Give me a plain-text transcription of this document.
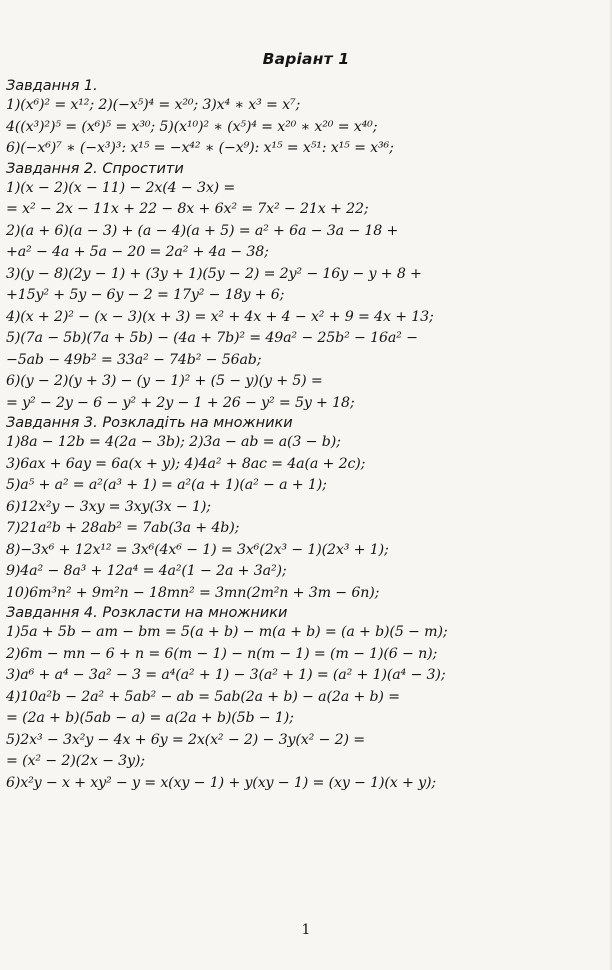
Варіант 1
Завдання 1.
1)(x⁶)² = x¹²; 2)(−x⁵)⁴ = x²⁰; 3)x⁴ ∗ x³ = x⁷;
4((x³)²)⁵ = (x⁶)⁵ = x³⁰; 5)(x¹⁰)² ∗ (x⁵)⁴ = x²⁰ ∗ x²⁰ = x⁴⁰;
6)(−x⁶)⁷ ∗ (−x³)³: x¹⁵ = −x⁴² ∗ (−x⁹): x¹⁵ = x⁵¹: x¹⁵ = x³⁶;
Завдання 2. Спростити
1)(x − 2)(x − 11) − 2x(4 − 3x) =
= x² − 2x − 11x + 22 − 8x + 6x² = 7x² − 21x + 22;
2)(a + 6)(a − 3) + (a − 4)(a + 5) = a² + 6a − 3a − 18 +
+a² − 4a + 5a − 20 = 2a² + 4a − 38;
3)(y − 8)(2y − 1) + (3y + 1)(5y − 2) = 2y² − 16y − y + 8 +
+15y² + 5y − 6y − 2 = 17y² − 18y + 6;
4)(x + 2)² − (x − 3)(x + 3) = x² + 4x + 4 − x² + 9 = 4x + 13;
5)(7a − 5b)(7a + 5b) − (4a + 7b)² = 49a² − 25b² − 16a² −
−5ab − 49b² = 33a² − 74b² − 56ab;
6)(y − 2)(y + 3) − (y − 1)² + (5 − y)(y + 5) =
= y² − 2y − 6 − y² + 2y − 1 + 26 − y² = 5y + 18;
Завдання 3. Розкладіть на множники
1)8a − 12b = 4(2a − 3b); 2)3a − ab = a(3 − b);
3)6ax + 6ay = 6a(x + y); 4)4a² + 8ac = 4a(a + 2c);
5)a⁵ + a² = a²(a³ + 1) = a²(a + 1)(a² − a + 1);
6)12x²y − 3xy = 3xy(3x − 1);
7)21a²b + 28ab² = 7ab(3a + 4b);
8)−3x⁶ + 12x¹² = 3x⁶(4x⁶ − 1) = 3x⁶(2x³ − 1)(2x³ + 1);
9)4a² − 8a³ + 12a⁴ = 4a²(1 − 2a + 3a²);
10)6m³n² + 9m²n − 18mn² = 3mn(2m²n + 3m − 6n);
Завдання 4. Розкласти на множники
1)5a + 5b − am − bm = 5(a + b) − m(a + b) = (a + b)(5 − m);
2)6m − mn − 6 + n = 6(m − 1) − n(m − 1) = (m − 1)(6 − n);
3)a⁶ + a⁴ − 3a² − 3 = a⁴(a² + 1) − 3(a² + 1) = (a² + 1)(a⁴ − 3);
4)10a²b − 2a² + 5ab² − ab = 5ab(2a + b) − a(2a + b) =
= (2a + b)(5ab − a) = a(2a + b)(5b − 1);
5)2x³ − 3x²y − 4x + 6y = 2x(x² − 2) − 3y(x² − 2) =
= (x² − 2)(2x − 3y);
6)x²y − x + xy² − y = x(xy − 1) + y(xy − 1) = (xy − 1)(x + y);
1
